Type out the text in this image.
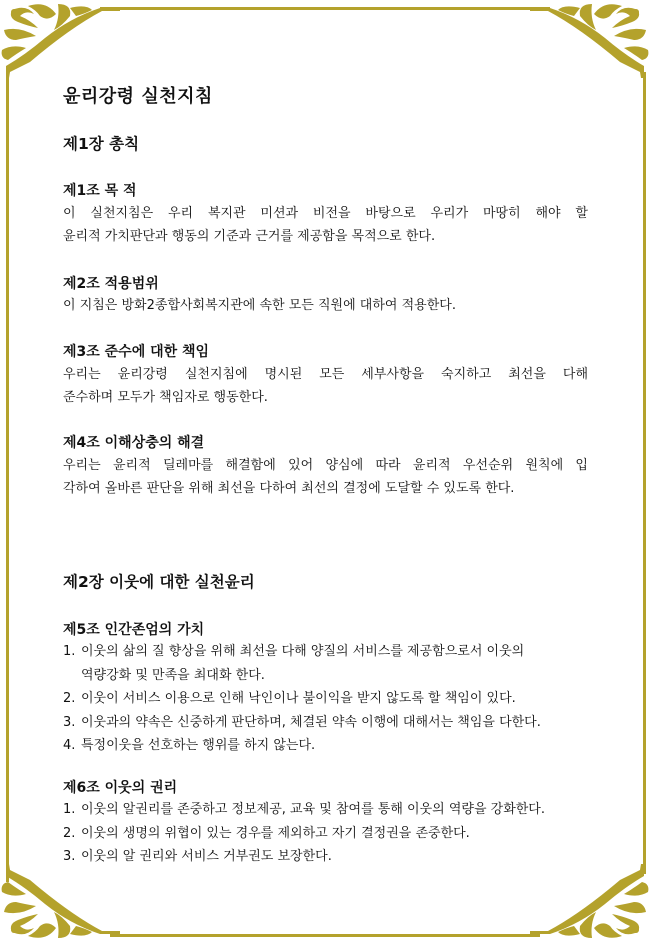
윤리강령 실천지침
제1장 총칙
제1조 목 적
이 실천지침은 우리 복지관 미션과 비전을 바탕으로 우리가 마땅히 해야 할
윤리적 가치판단과 행동의 기준과 근거를 제공함을 목적으로 한다.
제2조 적용범위
이 지침은 방화2종합사회복지관에 속한 모든 직원에 대하여 적용한다.
제3조 준수에 대한 책임
우리는 윤리강령 실천지침에 명시된 모든 세부사항을 숙지하고 최선을 다해
준수하며 모두가 책임자로 행동한다.
제4조 이해상충의 해결
우리는 윤리적 딜레마를 해결함에 있어 양심에 따라 윤리적 우선순위 원칙에 입
각하여 올바른 판단을 위해 최선을 다하여 최선의 결정에 도달할 수 있도록 한다.
제2장 이웃에 대한 실천윤리
제5조 인간존엄의 가치
1. 이웃의 삶의 질 향상을 위해 최선을 다해 양질의 서비스를 제공함으로서 이웃의
역량강화 및 만족을 최대화 한다.
2. 이웃이 서비스 이용으로 인해 낙인이나 불이익을 받지 않도록 할 책임이 있다.
3. 이웃과의 약속은 신중하게 판단하며, 체결된 약속 이행에 대해서는 책임을 다한다.
4. 특정이웃을 선호하는 행위를 하지 않는다.
제6조 이웃의 권리
1. 이웃의 알권리를 존중하고 정보제공, 교육 및 참여를 통해 이웃의 역량을 강화한다.
2. 이웃의 생명의 위협이 있는 경우를 제외하고 자기 결정권을 존중한다.
3. 이웃의 알 권리와 서비스 거부권도 보장한다.
